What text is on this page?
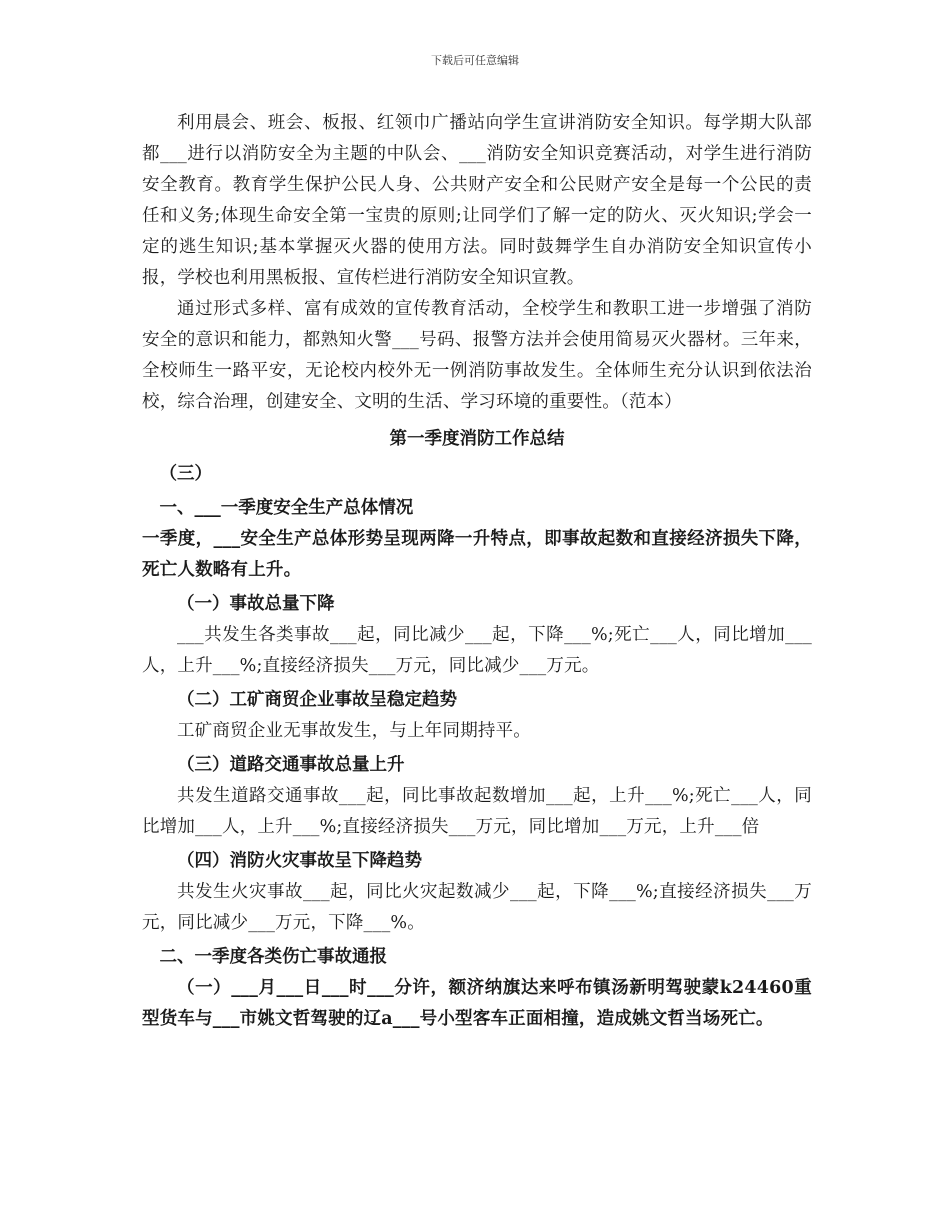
下载后可任意编辑

利用晨会、班会、板报、红领巾广播站向学生宣讲消防安全知识。每学期大队部都___进行以消防安全为主题的中队会、___消防安全知识竞赛活动，对学生进行消防安全教育。教育学生保护公民人身、公共财产安全和公民财产安全是每一个公民的责任和义务;体现生命安全第一宝贵的原则;让同学们了解一定的防火、灭火知识;学会一定的逃生知识;基本掌握灭火器的使用方法。同时鼓舞学生自办消防安全知识宣传小报，学校也利用黑板报、宣传栏进行消防安全知识宣教。

通过形式多样、富有成效的宣传教育活动，全校学生和教职工进一步增强了消防安全的意识和能力，都熟知火警___号码、报警方法并会使用简易灭火器材。三年来，全校师生一路平安，无论校内校外无一例消防事故发生。全体师生充分认识到依法治校，综合治理，创建安全、文明的生活、学习环境的重要性。（范本）

第一季度消防工作总结
（三）
一、___一季度安全生产总体情况

一季度，___安全生产总体形势呈现两降一升特点，即事故起数和直接经济损失下降，死亡人数略有上升。

（一）事故总量下降

___共发生各类事故___起，同比减少___起，下降___%;死亡___人，同比增加___人，上升___%;直接经济损失___万元，同比减少___万元。

（二）工矿商贸企业事故呈稳定趋势

工矿商贸企业无事故发生，与上年同期持平。

（三）道路交通事故总量上升

共发生道路交通事故___起，同比事故起数增加___起，上升___%;死亡___人，同比增加___人，上升___%;直接经济损失___万元，同比增加___万元，上升___倍

（四）消防火灾事故呈下降趋势

共发生火灾事故___起，同比火灾起数减少___起，下降___%;直接经济损失___万元，同比减少___万元，下降___%。

二、一季度各类伤亡事故通报

（一）___月___日___时___分许，额济纳旗达来呼布镇汤新明驾驶蒙k24460重型货车与___市姚文哲驾驶的辽a___号小型客车正面相撞，造成姚文哲当场死亡。
